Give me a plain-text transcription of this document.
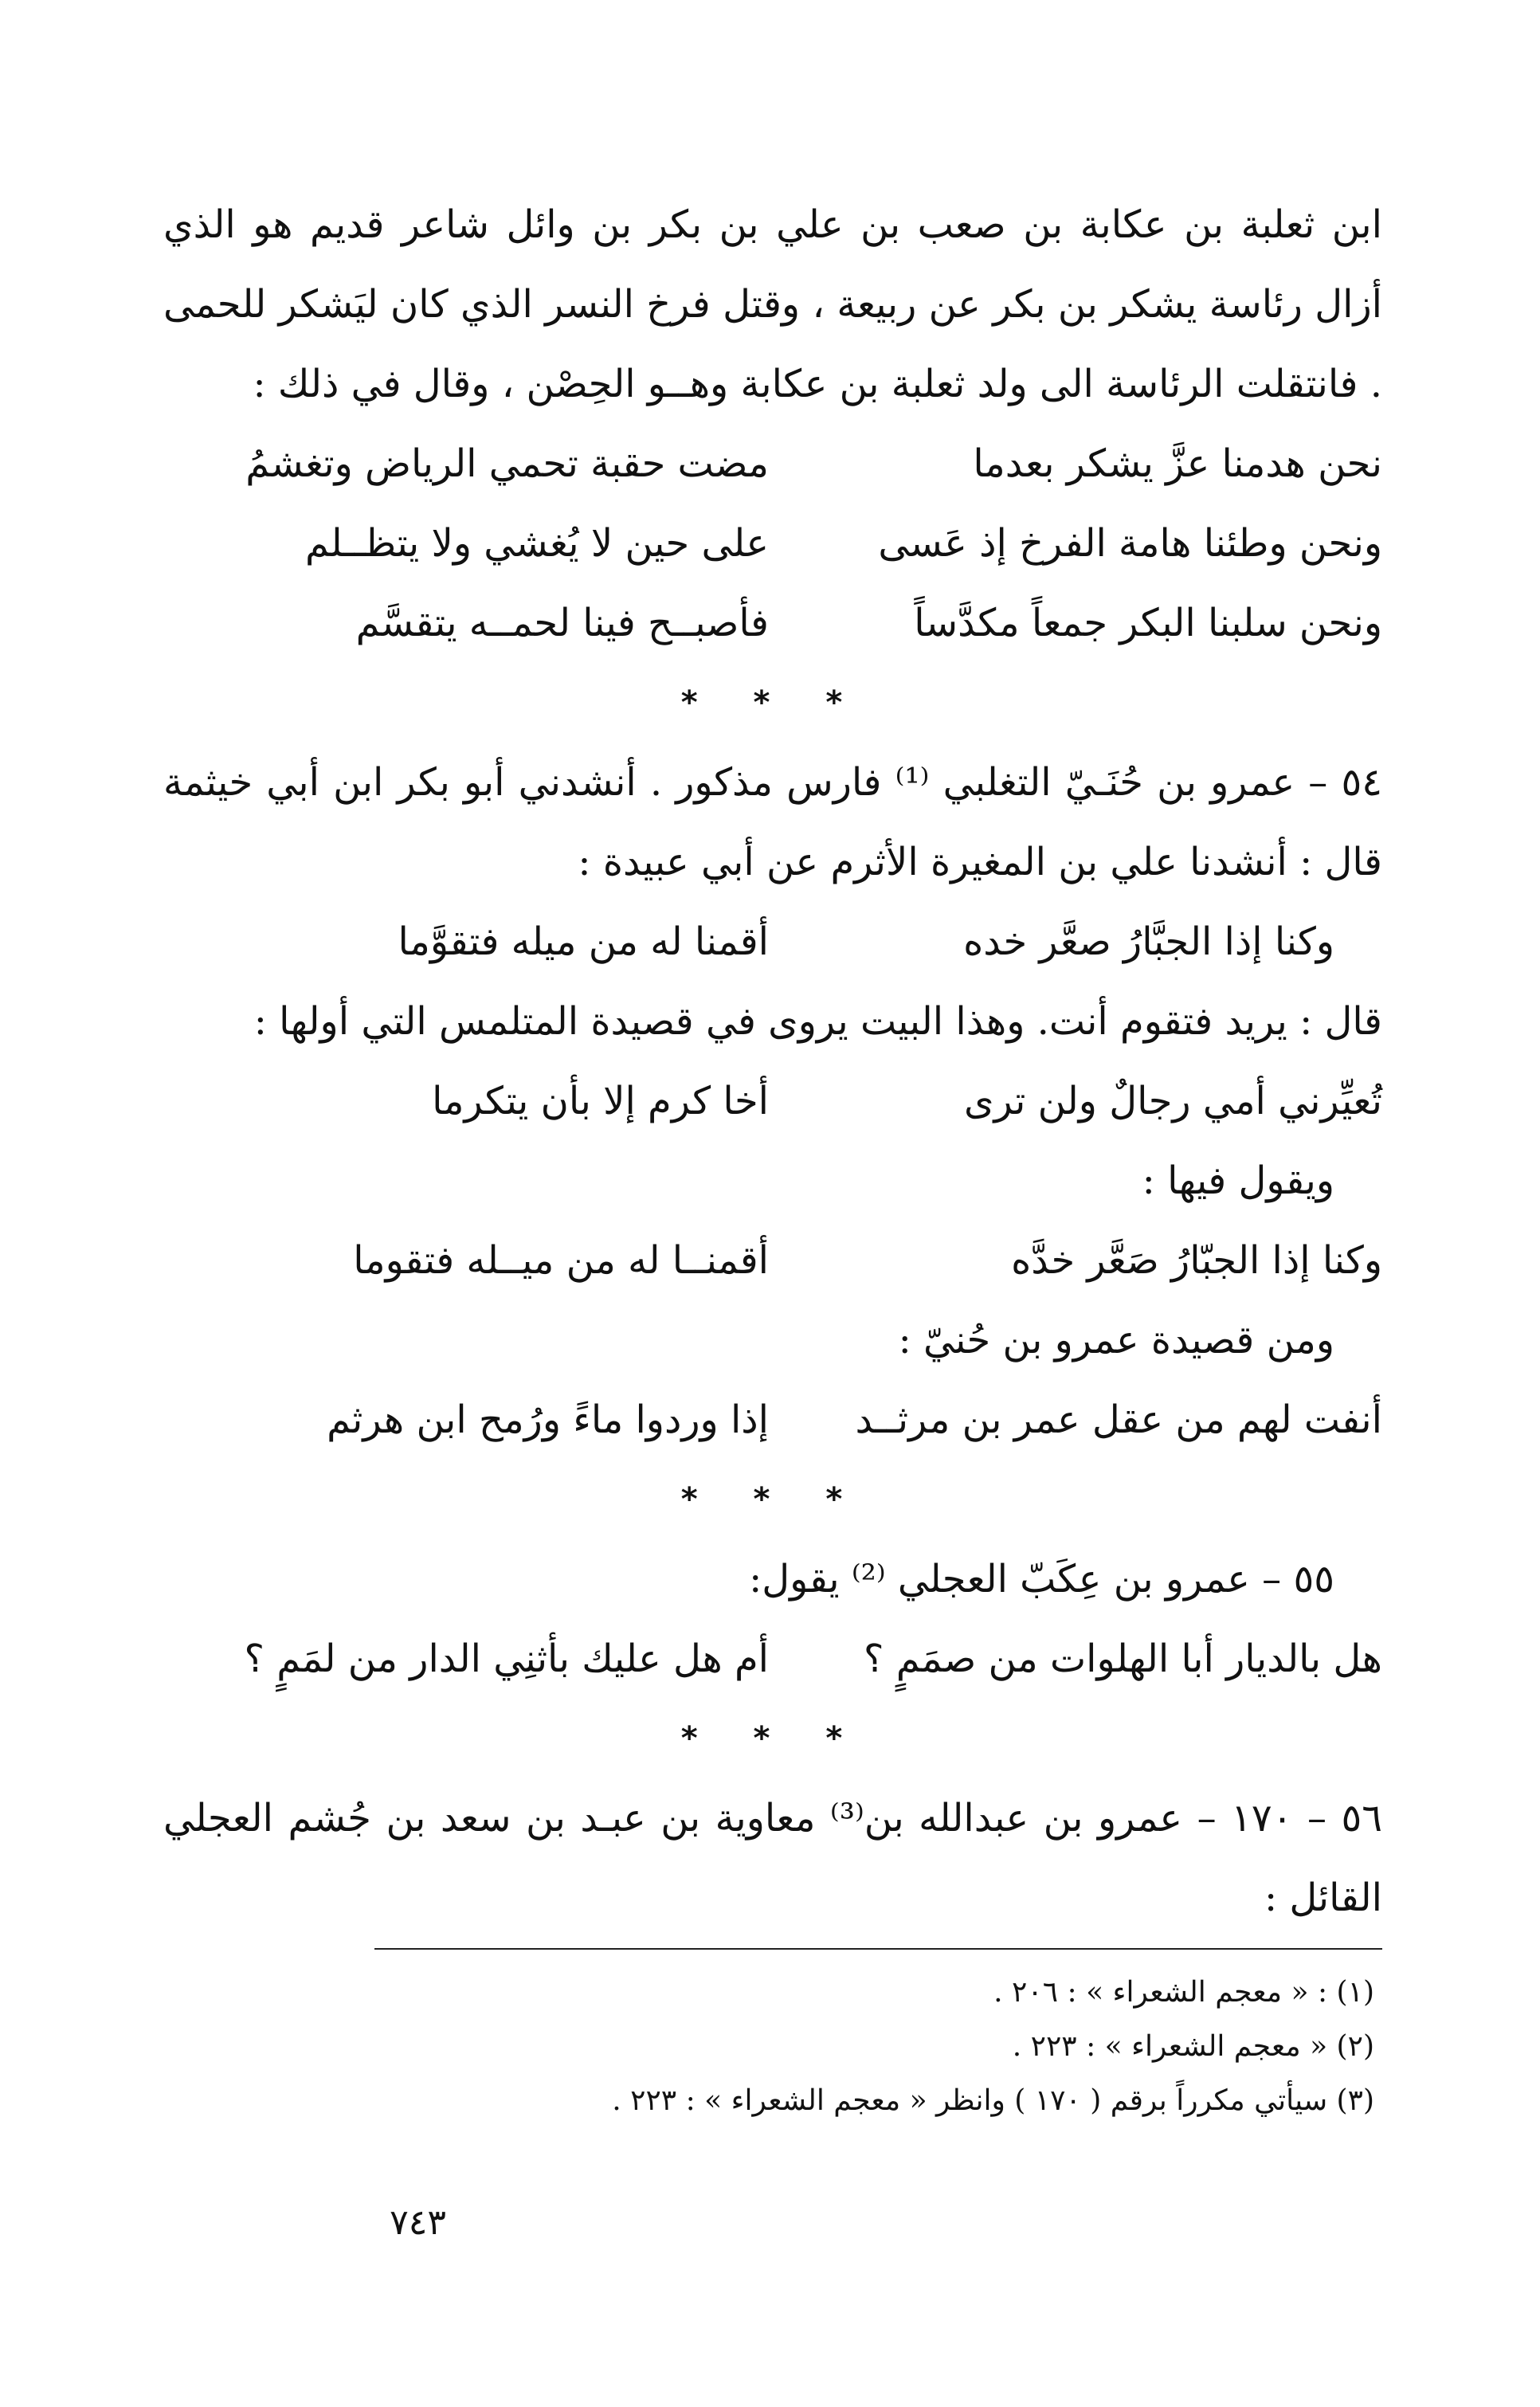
ابن ثعلبة بن عكابة بن صعب بن علي بن بكر بن وائل شاعر قديم هو الذي أزال رئاسة يشكر بن بكر عن ربيعة ، وقتل فرخ النسر الذي كان ليَشكر للحمى . فانتقلت الرئاسة الى ولد ثعلبة بن عكابة وهــو الحِصْن ، وقال في ذلك :

نحن هدمنا عزَّ يشكر بعدما
مضت حقبة تحمي الرياض وتغشمُ
ونحن وطئنا هامة الفرخ إذ عَسى
على حين لا يُغشي ولا يتظــلم
ونحن سلبنا البكر جمعاً مكدَّساً
فأصبــح فينا لحمــه يتقسَّم
* * *

٥٤ – عمرو بن حُنَـيّ التغلبي ⁽¹⁾ فارس مذكور . أنشدني أبو بكر ابن أبي خيثمة قال : أنشدنا علي بن المغيرة الأثرم عن أبي عبيدة :

وكنا إذا الجبَّارُ صعَّر خده
أقمنا له من ميله فتقوَّما

قال : يريد فتقوم أنت. وهذا البيت يروى في قصيدة المتلمس التي أولها :

تُعيِّرني أمي رجالٌ ولن ترى
أخا كرم إلا بأن يتكرما

ويقول فيها :

وكنا إذا الجبّارُ صَعَّر خدَّه
أقمنــا له من ميــله فتقوما

ومن قصيدة عمرو بن حُنيّ :

أنفت لهم من عقل عمر بن مرثــد
إذا وردوا ماءً ورُمح ابن هرثم
* * *

٥٥ – عمرو بن عِكَبّ العجلي ⁽²⁾ يقول:

هل بالديار أبا الهلوات من صمَمٍ ؟
أم هل عليك بأثنِي الدار من لمَمٍ ؟
* * *

٥٦ – ١٧٠ – عمرو بن عبدالله بن⁽³⁾ معاوية بن عبـد بن سعد بن جُشم العجلي القائل :

(١) : « معجم الشعراء » : ٢٠٦ .

(٢) « معجم الشعراء » : ٢٢٣ .

(٣) سيأتي مكرراً برقم ( ١٧٠ ) وانظر « معجم الشعراء » : ٢٢٣ .

٧٤٣
